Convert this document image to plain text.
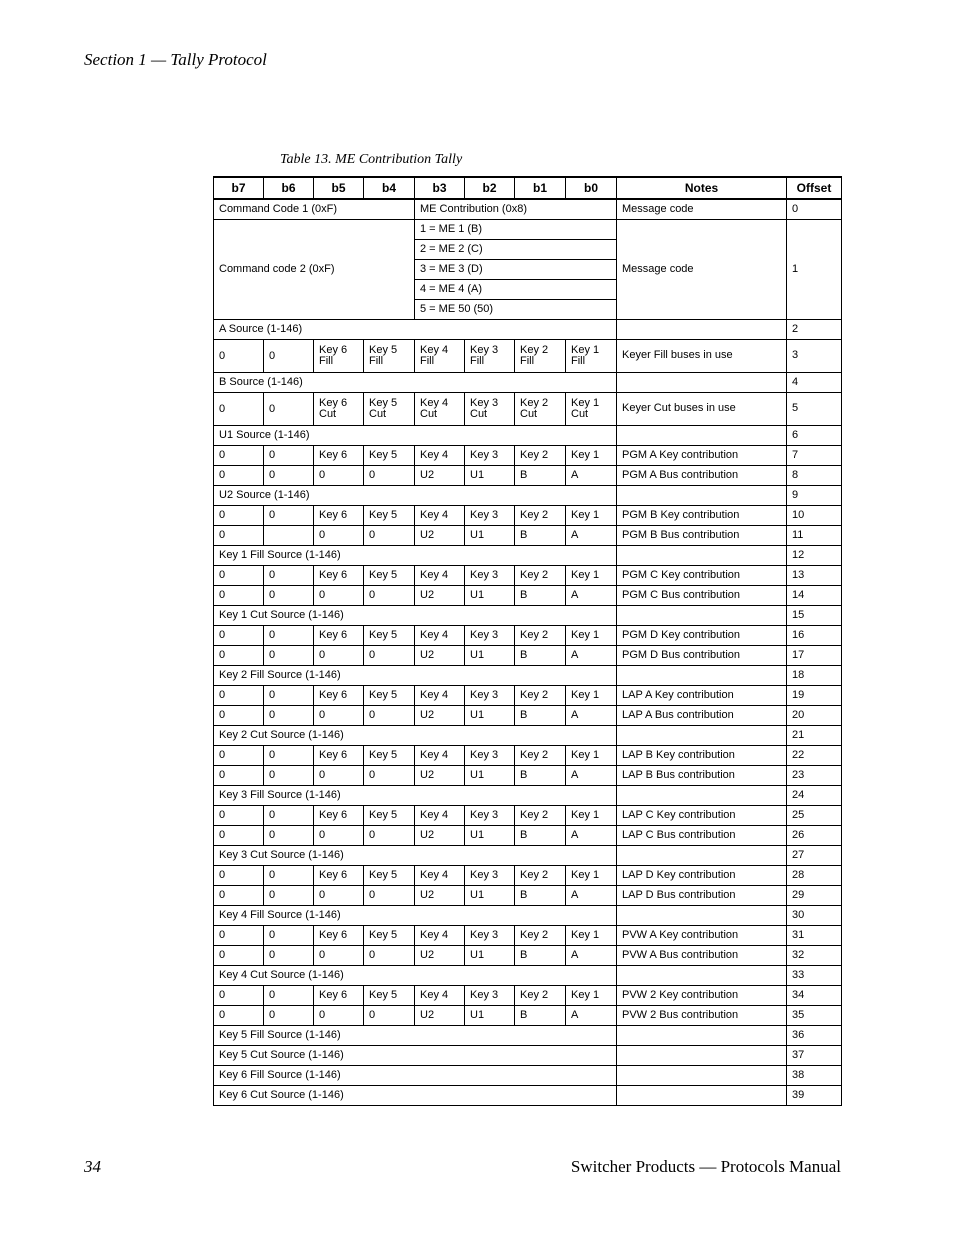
Section 1 — Tally Protocol
Table 13. ME Contribution Tally
b7	b6	b5	b4	b3	b2	b1	b0	Notes	Offset
Command Code 1 (0xF)				ME Contribution (0x8)				Message code	0
Command code 2 (0xF)				1 = ME 1 (B)				Message code	1
				2 = ME 2 (C)					
				3 = ME 3 (D)					
				4 = ME 4 (A)					
				5 = ME 50 (50)					
A Source (1-146)									2
0	0	Key 6 Fill	Key 5 Fill	Key 4 Fill	Key 3 Fill	Key 2 Fill	Key 1 Fill	Keyer Fill buses in use	3
B Source (1-146)									4
0	0	Key 6 Cut	Key 5 Cut	Key 4 Cut	Key 3 Cut	Key 2 Cut	Key 1 Cut	Keyer Cut buses in use	5
U1 Source (1-146)									6
0	0	Key 6	Key 5	Key 4	Key 3	Key 2	Key 1	PGM A Key contribution	7
0	0	0	0	U2	U1	B	A	PGM A Bus contribution	8
U2 Source (1-146)									9
0	0	Key 6	Key 5	Key 4	Key 3	Key 2	Key 1	PGM B Key contribution	10
0		0	0	U2	U1	B	A	PGM B Bus contribution	11
Key 1 Fill Source (1-146)									12
0	0	Key 6	Key 5	Key 4	Key 3	Key 2	Key 1	PGM C Key contribution	13
0	0	0	0	U2	U1	B	A	PGM C Bus contribution	14
Key 1 Cut Source (1-146)									15
0	0	Key 6	Key 5	Key 4	Key 3	Key 2	Key 1	PGM D Key contribution	16
0	0	0	0	U2	U1	B	A	PGM D Bus contribution	17
Key 2 Fill Source (1-146)									18
0	0	Key 6	Key 5	Key 4	Key 3	Key 2	Key 1	LAP A Key contribution	19
0	0	0	0	U2	U1	B	A	LAP A Bus contribution	20
Key 2 Cut Source (1-146)									21
0	0	Key 6	Key 5	Key 4	Key 3	Key 2	Key 1	LAP B Key contribution	22
0	0	0	0	U2	U1	B	A	LAP B Bus contribution	23
Key 3 Fill Source (1-146)									24
0	0	Key 6	Key 5	Key 4	Key 3	Key 2	Key 1	LAP C Key contribution	25
0	0	0	0	U2	U1	B	A	LAP C Bus contribution	26
Key 3 Cut Source (1-146)									27
0	0	Key 6	Key 5	Key 4	Key 3	Key 2	Key 1	LAP D Key contribution	28
0	0	0	0	U2	U1	B	A	LAP D Bus contribution	29
Key 4 Fill Source (1-146)									30
0	0	Key 6	Key 5	Key 4	Key 3	Key 2	Key 1	PVW A Key contribution	31
0	0	0	0	U2	U1	B	A	PVW A Bus contribution	32
Key 4 Cut Source (1-146)									33
0	0	Key 6	Key 5	Key 4	Key 3	Key 2	Key 1	PVW 2 Key contribution	34
0	0	0	0	U2	U1	B	A	PVW 2 Bus contribution	35
Key 5 Fill Source (1-146)									36
Key 5 Cut Source (1-146)									37
Key 6 Fill Source (1-146)									38
Key 6 Cut Source (1-146)									39
34	Switcher Products — Protocols Manual
